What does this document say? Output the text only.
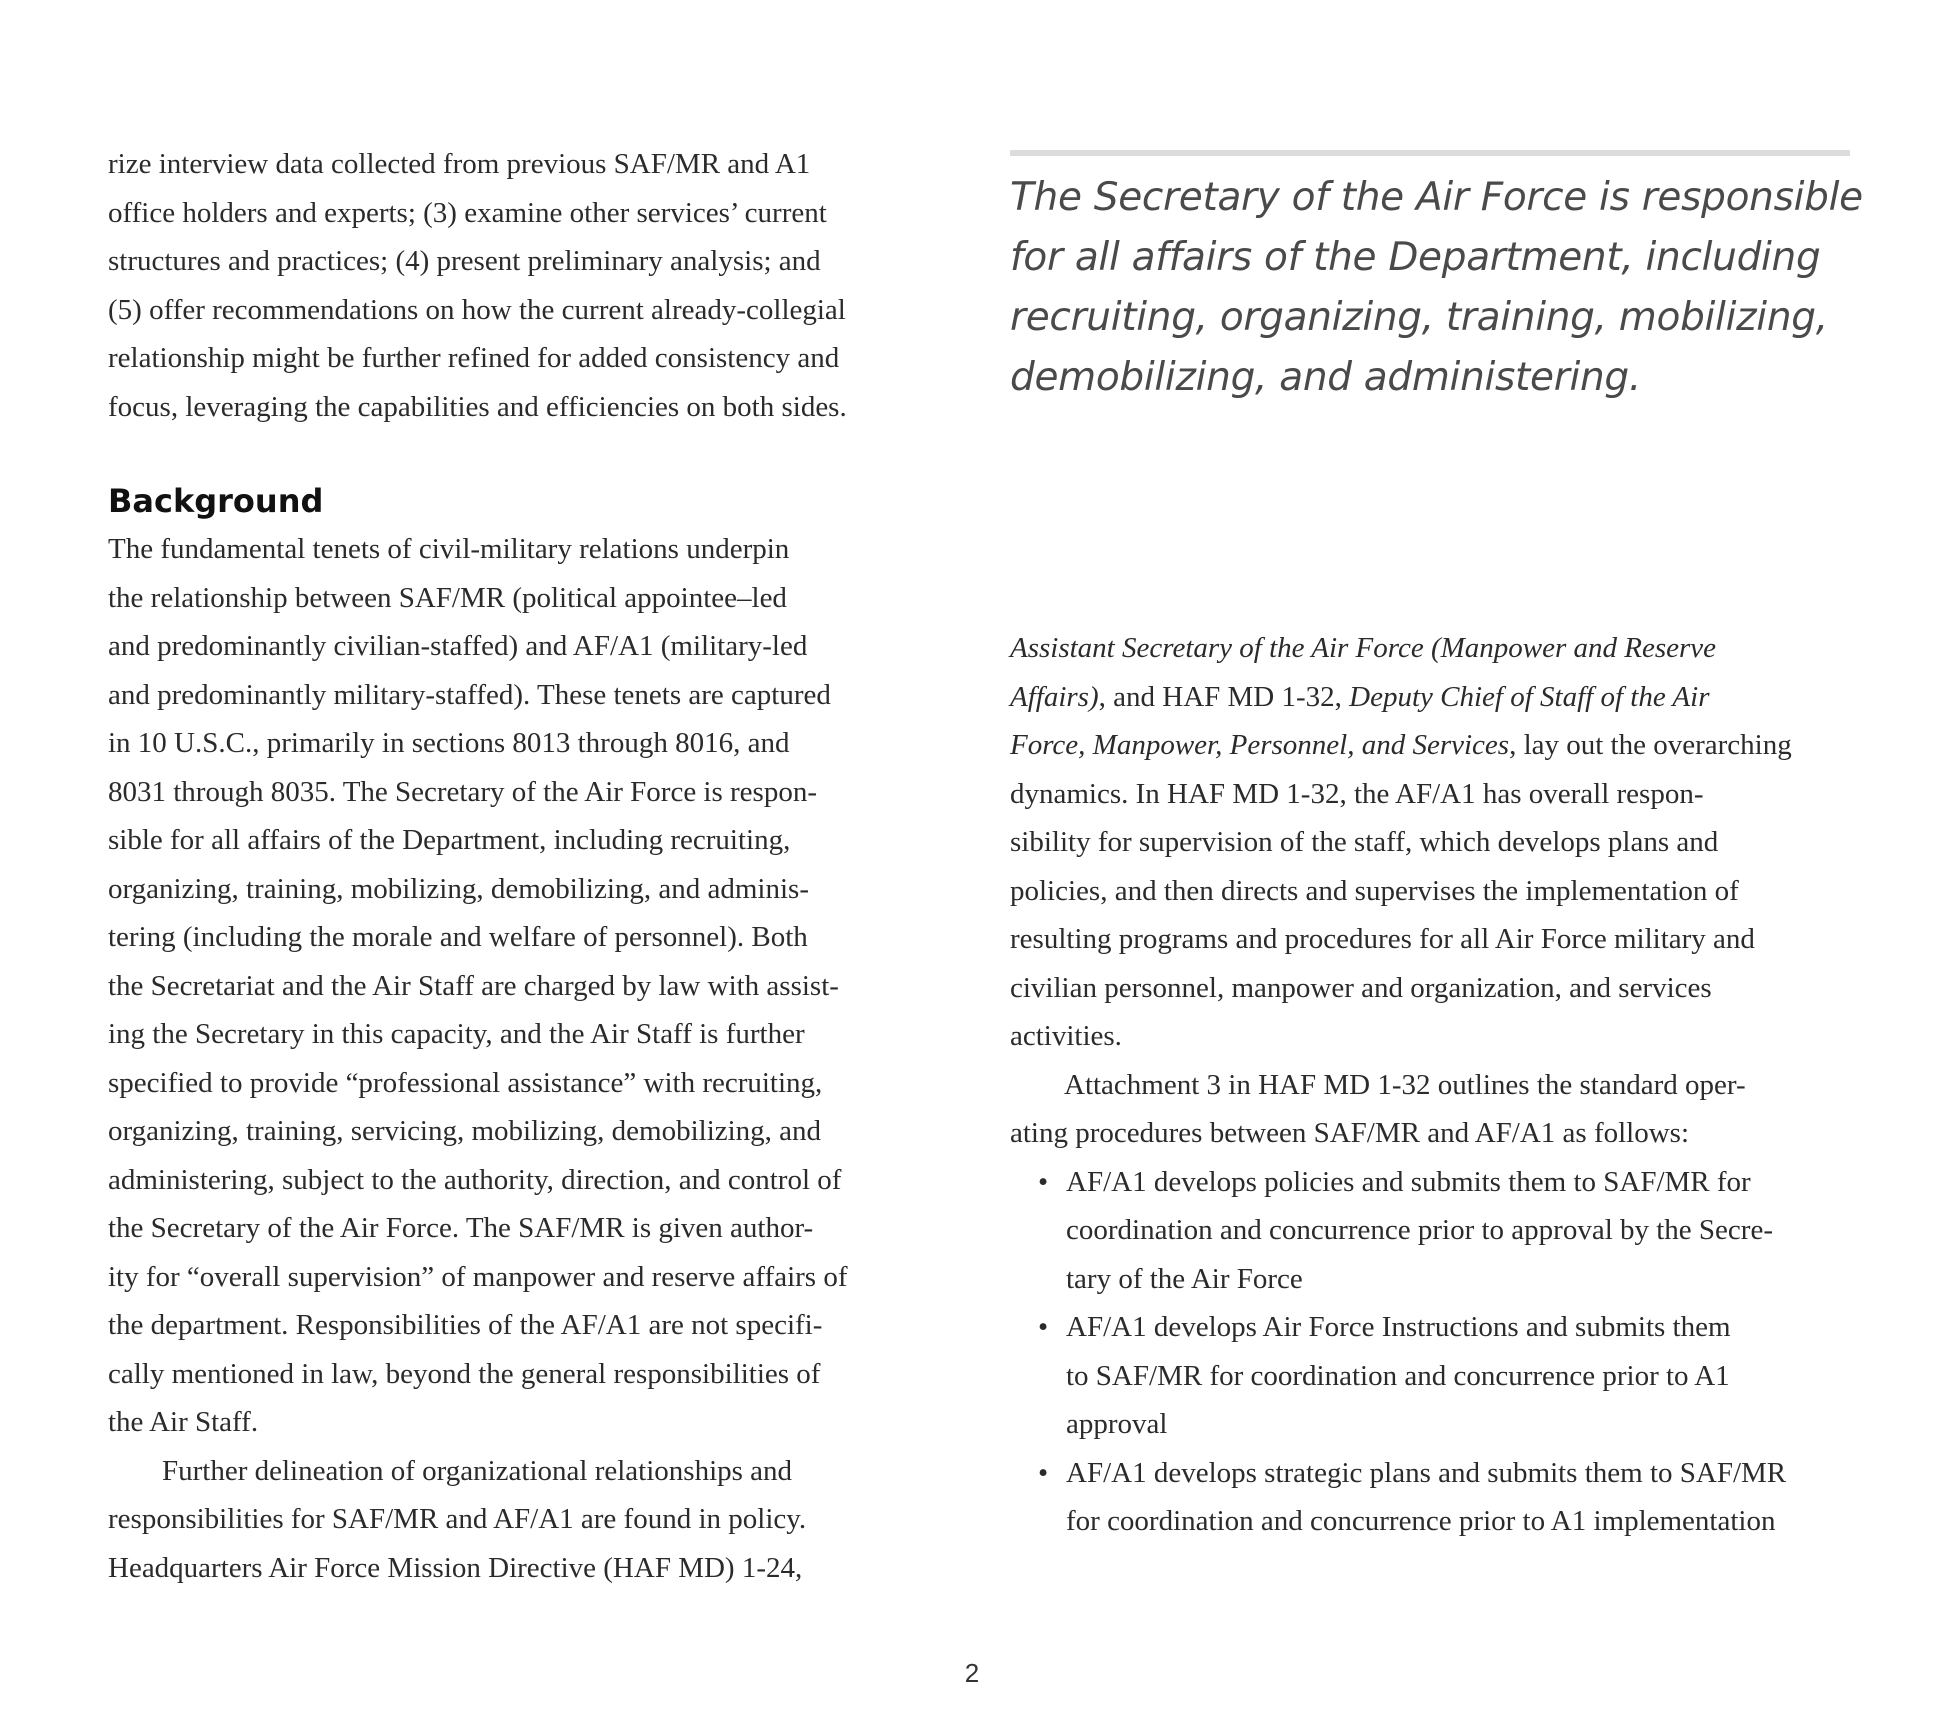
rize interview data collected from previous SAF/MR and A1
office holders and experts; (3) examine other services’ current
structures and practices; (4) present preliminary analysis; and
(5) offer recommendations on how the current already-collegial
relationship might be further refined for added consistency and
focus, leveraging the capabilities and efficiencies on both sides.
Background
The fundamental tenets of civil-military relations underpin
the relationship between SAF/MR (political appointee–led
and predominantly civilian-staffed) and AF/A1 (military-led
and predominantly military-staffed). These tenets are captured
in 10 U.S.C., primarily in sections 8013 through 8016, and
8031 through 8035. The Secretary of the Air Force is respon-
sible for all affairs of the Department, including recruiting,
organizing, training, mobilizing, demobilizing, and adminis-
tering (including the morale and welfare of personnel). Both
the Secretariat and the Air Staff are charged by law with assist-
ing the Secretary in this capacity, and the Air Staff is further
specified to provide “professional assistance” with recruiting,
organizing, training, servicing, mobilizing, demobilizing, and
administering, subject to the authority, direction, and control of
the Secretary of the Air Force. The SAF/MR is given author-
ity for “overall supervision” of manpower and reserve affairs of
the department. Responsibilities of the AF/A1 are not specifi-
cally mentioned in law, beyond the general responsibilities of
the Air Staff.
Further delineation of organizational relationships and
responsibilities for SAF/MR and AF/A1 are found in policy.
Headquarters Air Force Mission Directive (HAF MD) 1-24,
The Secretary of the Air Force is responsible
for all affairs of the Department, including
recruiting, organizing, training, mobilizing,
demobilizing, and administering.
Assistant Secretary of the Air Force (Manpower and Reserve
Affairs), and HAF MD 1-32, Deputy Chief of Staff of the Air
Force, Manpower, Personnel, and Services, lay out the overarching
dynamics. In HAF MD 1-32, the AF/A1 has overall respon-
sibility for supervision of the staff, which develops plans and
policies, and then directs and supervises the implementation of
resulting programs and procedures for all Air Force military and
civilian personnel, manpower and organization, and services
activities.
Attachment 3 in HAF MD 1-32 outlines the standard oper-
ating procedures between SAF/MR and AF/A1 as follows:
• AF/A1 develops policies and submits them to SAF/MR for
coordination and concurrence prior to approval by the Secre-
tary of the Air Force
• AF/A1 develops Air Force Instructions and submits them
to SAF/MR for coordination and concurrence prior to A1
approval
• AF/A1 develops strategic plans and submits them to SAF/MR
for coordination and concurrence prior to A1 implementation
2
